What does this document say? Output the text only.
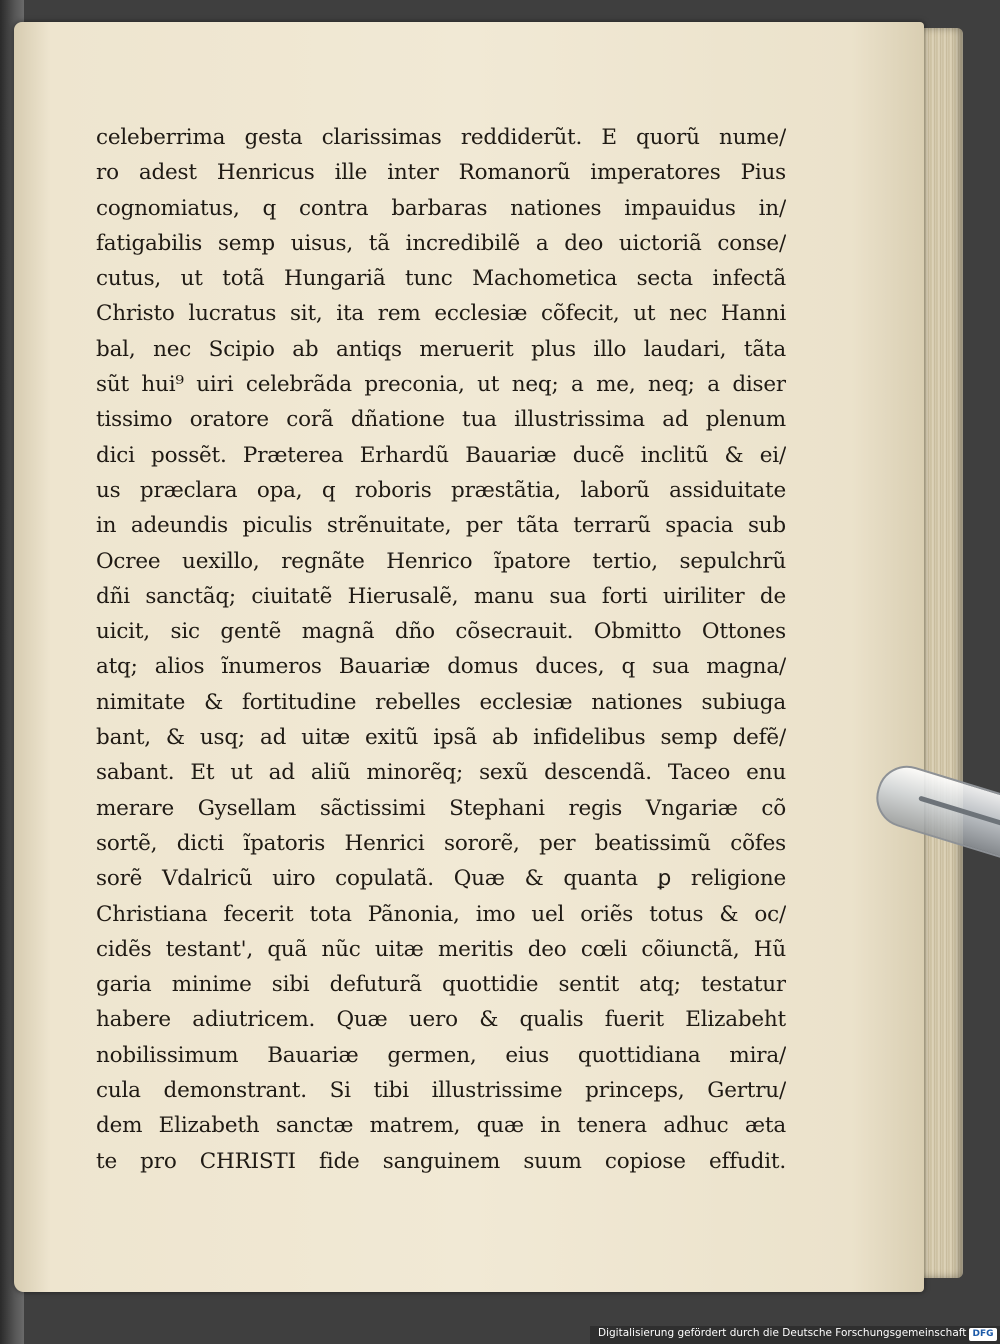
celeberrima gesta clarissimas reddiderũt. E quorũ nume/
ro adest Henricus ille inter Romanorũ imperatores Pius
cognomiatus, q contra barbaras nationes impauidus in/
fatigabilis semp uisus, tã incredibilẽ a deo uictoriã conse/
cutus, ut totã Hungariã tunc Machometica secta infectã
Christo lucratus sit, ita rem ecclesiæ cõfecit, ut nec Hanni
bal, nec Scipio ab antiqs meruerit plus illo laudari, tãta
sũt hui⁹ uiri celebrãda preconia, ut neq; a me, neq; a diser
tissimo oratore corã dñatione tua illustrissima ad plenum
dici possẽt. Præterea Erhardũ Bauariæ ducẽ inclitũ & ei/
us præclara opa, q roboris præstãtia, laborũ assiduitate
in adeundis piculis strẽnuitate, per tãta terrarũ spacia sub
Ocree uexillo, regnãte Henrico ĩpatore tertio, sepulchrũ
dñi sanctãq; ciuitatẽ Hierusalẽ, manu sua forti uiriliter de
uicit, sic gentẽ magnã dño cõsecrauit. Obmitto Ottones
atq; alios ĩnumeros Bauariæ domus duces, q sua magna/
nimitate & fortitudine rebelles ecclesiæ nationes subiuga
bant, & usq; ad uitæ exitũ ipsã ab infidelibus semp defẽ/
sabant. Et ut ad aliũ minorẽq; sexũ descendã. Taceo enu
merare Gysellam sãctissimi Stephani regis Vngariæ cõ
sortẽ, dicti ĩpatoris Henrici sororẽ, per beatissimũ cõfes
sorẽ Vdalricũ uiro copulatã. Quæ & quanta ꝑ religione
Christiana fecerit tota Pãnonia, imo uel oriẽs totus & oc/
cidẽs testant', quã nũc uitæ meritis deo cœli cõiunctã, Hũ
garia minime sibi defuturã quottidie sentit atq; testatur
habere adiutricem. Quæ uero & qualis fuerit Elizabeht
nobilissimum Bauariæ germen, eius quottidiana mira/
cula demonstrant. Si tibi illustrissime princeps, Gertru/
dem Elizabeth sanctæ matrem, quæ in tenera adhuc æta
te pro CHRISTI fide sanguinem suum copiose effudit.
Digitalisierung gefördert durch die Deutsche Forschungsgemeinschaft DFG
